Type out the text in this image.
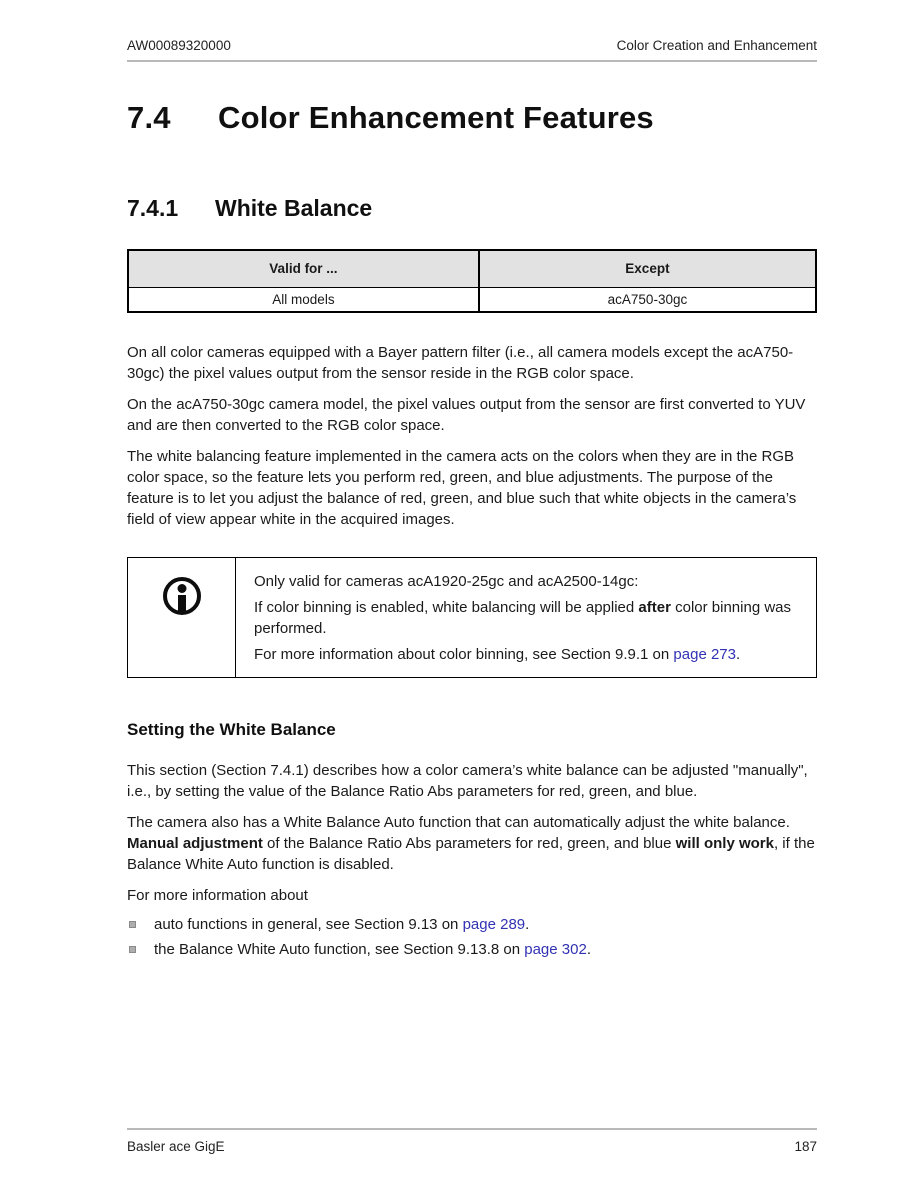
AW00089320000	Color Creation and Enhancement
7.4	Color Enhancement Features
7.4.1	White Balance
Valid for ...	Except
All models	acA750-30gc

On all color cameras equipped with a Bayer pattern filter (i.e., all camera models except the acA750-30gc) the pixel values output from the sensor reside in the RGB color space.

On the acA750-30gc camera model, the pixel values output from the sensor are first converted to YUV and are then converted to the RGB color space.

The white balancing feature implemented in the camera acts on the colors when they are in the RGB color space, so the feature lets you perform red, green, and blue adjustments. The purpose of the feature is to let you adjust the balance of red, green, and blue such that white objects in the camera’s field of view appear white in the acquired images.

Only valid for cameras acA1920-25gc and acA2500-14gc:

If color binning is enabled, white balancing will be applied after color binning was performed.

For more information about color binning, see Section 9.9.1 on page 273.

Setting the White Balance

This section (Section 7.4.1) describes how a color camera’s white balance can be adjusted "manually", i.e., by setting the value of the Balance Ratio Abs parameters for red, green, and blue.

The camera also has a White Balance Auto function that can automatically adjust the white balance. Manual adjustment of the Balance Ratio Abs parameters for red, green, and blue will only work, if the Balance White Auto function is disabled.

For more information about

auto functions in general, see Section 9.13 on page 289.
the Balance White Auto function, see Section 9.13.8 on page 302.
Basler ace GigE	187
